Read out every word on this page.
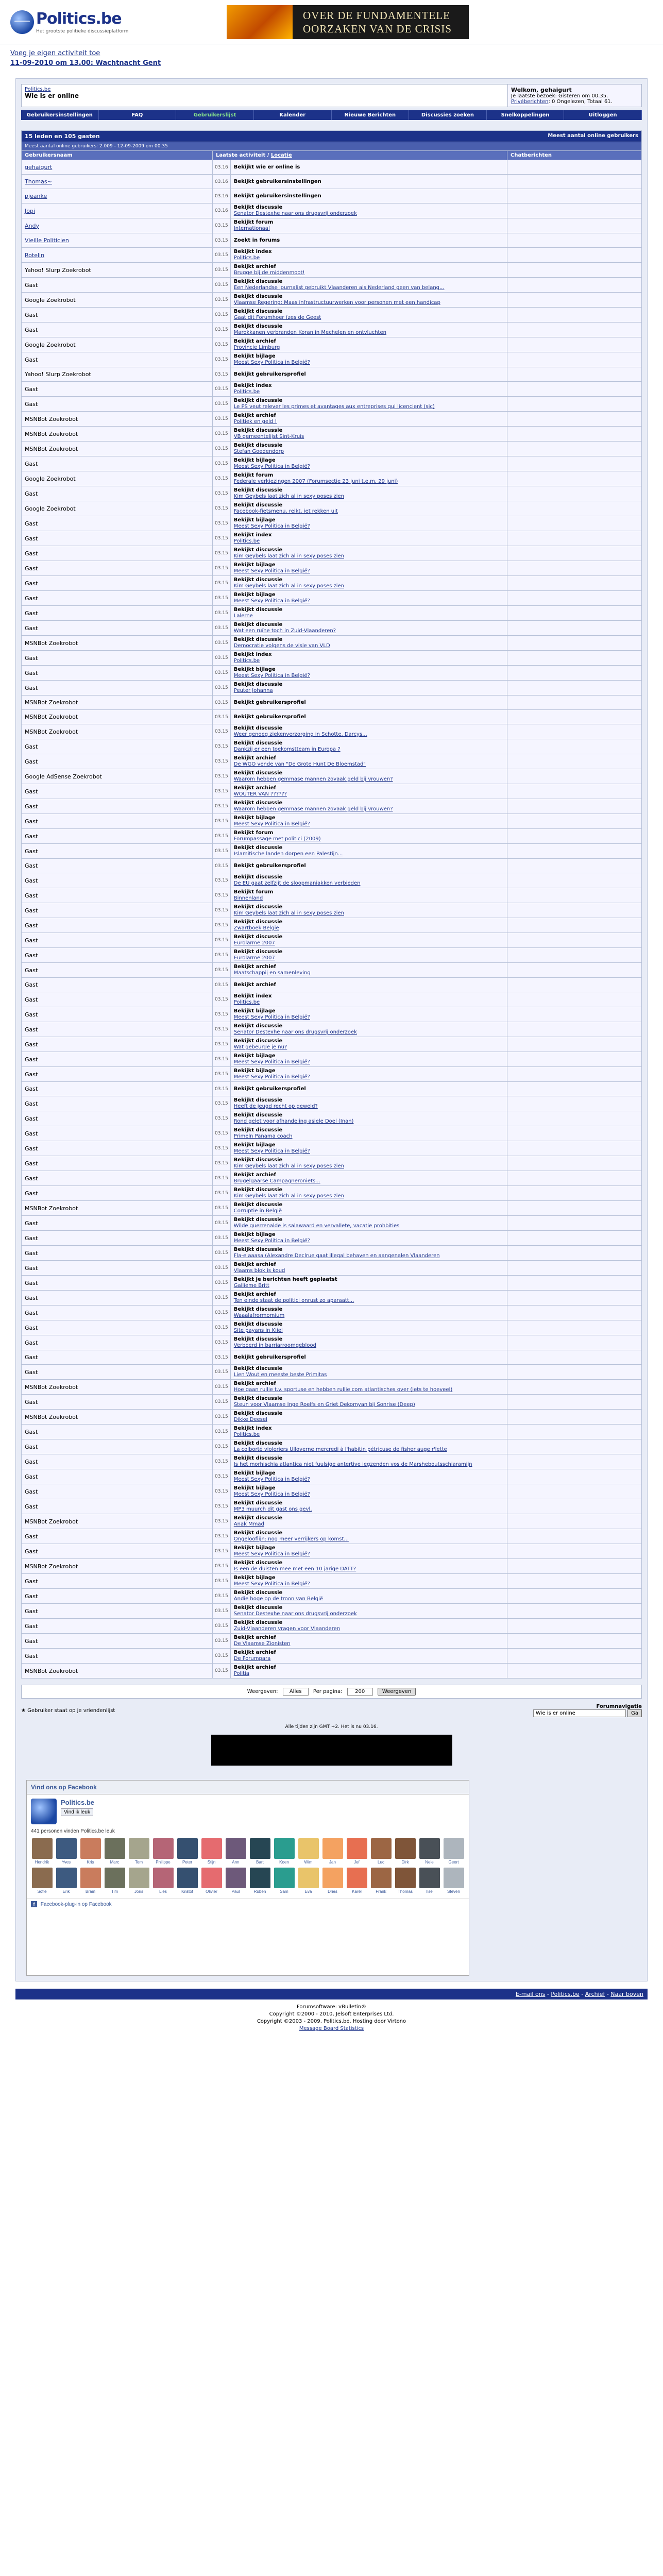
Politics.be
Het grootste politieke discussieplatform
OVER DE FUNDAMENTELE
OORZAKEN VAN DE CRISIS
Voeg je eigen activiteit toe
11-09-2010 om 13.00: Wachtnacht Gent
Politics.be
Wie is er online
Welkom, gehaigurt
Je laatste bezoek: Gisteren om 00.35.
Privéberichten: 0 Ongelezen, Totaal 61.
Gebruikersinstellingen	FAQ	Gebruikerslijst	Kalender	Nieuwe Berichten	Discussies zoeken	Snelkoppelingen	Uitloggen
15 leden en 105 gasten Meest aantal online gebruikers			

Meest aantal online gebruikers: 2.009 - 12-09-2009 om 00.35			
Gebruikersnaam	Laatste activiteit / Locatie		Chatberichten
gehaigurt	03.16	Bekijkt wie er online is	

Thomas~	03.16	Bekijkt gebruikersinstellingen	

pjeanke	03.16	Bekijkt gebruikersinstellingen	

Jopi	03.16	Bekijkt discussie
Senator Destexhe naar ons drugsvrij onderzoek	

Andy	03.15	Bekijkt forum
Internationaal	

Vieille Politicien	03.15	Zoekt in forums	

Rotelin	03.15	Bekijkt index
Politics.be	

Yahoo! Slurp Zoekrobot	03.15	Bekijkt archief
Brugge bij de middenmoot!	

Gast	03.15	Bekijkt discussie
Een Nederlandse journalist gebruikt Vlaanderen als Nederland geen van belang...	

Google Zoekrobot	03.15	Bekijkt discussie
Vlaamse Regering: Maas infrastructuurwerken voor personen met een handicap	

Gast	03.15	Bekijkt discussie
Gaat dit Forumhoer (zes de Geest	

Gast	03.15	Bekijkt discussie
Marokkanen verbranden Koran in Mechelen en ontvluchten	

Google Zoekrobot	03.15	Bekijkt archief
Provincie Limburg	

Gast	03.15	Bekijkt bijlage
Meest Sexy Politica in België?	

Yahoo! Slurp Zoekrobot	03.15	Bekijkt gebruikersprofiel	

Gast	03.15	Bekijkt index
Politics.be	

Gast	03.15	Bekijkt discussie
Le PS veut relever les primes et avantages aux entreprises qui licencient (sic)	

MSNBot Zoekrobot	03.15	Bekijkt archief
Politiek en geld !	

MSNBot Zoekrobot	03.15	Bekijkt discussie
VB gemeentelijst Sint-Kruis	

MSNBot Zoekrobot	03.15	Bekijkt discussie
Stefan Goedendorp	

Gast	03.15	Bekijkt bijlage
Meest Sexy Politica in België?	

Google Zoekrobot	03.15	Bekijkt forum
Federale verkiezingen 2007 (Forumsectie 23 juni t.e.m. 29 juni)	

Gast	03.15	Bekijkt discussie
Kim Geybels laat zich al in sexy poses zien	

Google Zoekrobot	03.15	Bekijkt discussie
Facebook-fietsmenu, reikt, iet rekken uit	

Gast	03.15	Bekijkt bijlage
Meest Sexy Politica in België?	

Gast	03.15	Bekijkt index
Politics.be	

Gast	03.15	Bekijkt discussie
Kim Geybels laat zich al in sexy poses zien	

Gast	03.15	Bekijkt bijlage
Meest Sexy Politica in België?	

Gast	03.15	Bekijkt discussie
Kim Geybels laat zich al in sexy poses zien	

Gast	03.15	Bekijkt bijlage
Meest Sexy Politica in België?	

Gast	03.15	Bekijkt discussie
Lalerne	

Gast	03.15	Bekijkt discussie
Wat een ruïne toch in Zuid-Vlaanderen?	

MSNBot Zoekrobot	03.15	Bekijkt discussie
Democratie volgens de visie van VLD	

Gast	03.15	Bekijkt index
Politics.be	

Gast	03.15	Bekijkt bijlage
Meest Sexy Politica in België?	

Gast	03.15	Bekijkt discussie
Peuter Johanna	

MSNBot Zoekrobot	03.15	Bekijkt gebruikersprofiel	

MSNBot Zoekrobot	03.15	Bekijkt gebruikersprofiel	

MSNBot Zoekrobot	03.15	Bekijkt discussie
Weer genoeg ziekenverzorging in Schotte, Darcys...	

Gast	03.15	Bekijkt discussie
Dankzij er een toekomstteam in Europa ?	

Gast	03.15	Bekijkt archief
De WGO vende van "De Grote Hunt De Bloemstad"	

Google AdSense Zoekrobot	03.15	Bekijkt discussie
Waarom hebben gemmase mannen zovaak geld bij vrouwen?	

Gast	03.15	Bekijkt archief
WOUTER VAN ??????	

Gast	03.15	Bekijkt discussie
Waarom hebben gemmase mannen zovaak geld bij vrouwen?	

Gast	03.15	Bekijkt bijlage
Meest Sexy Politica in België?	

Gast	03.15	Bekijkt forum
Forumpassage met politici (2009)	

Gast	03.15	Bekijkt discussie
Islamitische landen dorpen een Palestijn...	

Gast	03.15	Bekijkt gebruikersprofiel	

Gast	03.15	Bekijkt discussie
De EU gaat zelfzijt de sloopmaniakken verbieden	

Gast	03.15	Bekijkt forum
Binnenland	

Gast	03.15	Bekijkt discussie
Kim Geybels laat zich al in sexy poses zien	

Gast	03.15	Bekijkt discussie
Zwartboek Belgie	

Gast	03.15	Bekijkt discussie
Eurolarme 2007	

Gast	03.15	Bekijkt discussie
Eurolarme 2007	

Gast	03.15	Bekijkt archief
Maatschappij en samenleving	

Gast	03.15	Bekijkt archief	

Gast	03.15	Bekijkt index
Politics.be	

Gast	03.15	Bekijkt bijlage
Meest Sexy Politica in België?	

Gast	03.15	Bekijkt discussie
Senator Destexhe naar ons drugsvrij onderzoek	

Gast	03.15	Bekijkt discussie
Wat gebeurde je nu?	

Gast	03.15	Bekijkt bijlage
Meest Sexy Politica in België?	

Gast	03.15	Bekijkt bijlage
Meest Sexy Politica in België?	

Gast	03.15	Bekijkt gebruikersprofiel	

Gast	03.15	Bekijkt discussie
Heeft de jeugd recht op geweld?	

Gast	03.15	Bekijkt discussie
Rond gelet voor afhandeling asiele Doel (Inan)	

Gast	03.15	Bekijkt discussie
Primeln Panama coach	

Gast	03.15	Bekijkt bijlage
Meest Sexy Politica in België?	

Gast	03.15	Bekijkt discussie
Kim Geybels laat zich al in sexy poses zien	

Gast	03.15	Bekijkt archief
Brugelgaarse Campagneroniets...	

Gast	03.15	Bekijkt discussie
Kim Geybels laat zich al in sexy poses zien	

MSNBot Zoekrobot	03.15	Bekijkt discussie
Corruptie in België	

Gast	03.15	Bekijkt discussie
Wilde guerrenalde is salawaard en vervallete, vacatie prohbities	

Gast	03.15	Bekijkt bijlage
Meest Sexy Politica in België?	

Gast	03.15	Bekijkt discussie
Fla-e aaasa (Alexandre Declrue gaat illegal behaven en aangenalen Vlaanderen	

Gast	03.15	Bekijkt archief
Vlaams blok is koud	

Gast	03.15	Bekijkt je berichten heeft geplaatst
Gallieme Britt	

Gast	03.15	Bekijkt archief
Ten einde staat de politici onrust zo aparaatt...	

Gast	03.15	Bekijkt discussie
Waaalafrormomium	

Gast	03.15	Bekijkt discussie
Site payans in Kiiel	

Gast	03.15	Bekijkt discussie
Verboerd in barriarroomgeblood	

Gast	03.15	Bekijkt gebruikersprofiel	

Gast	03.15	Bekijkt discussie
Lien Wout en meeste beste Primitas	

MSNBot Zoekrobot	03.15	Bekijkt archief
Hoe gaan rullie t.v. sportuse en hebben rullie com atlantisches over (iets te hoeveel)	

Gast	03.15	Bekijkt discussie
Steun voor Vlaamse Inge Roelfs en Griet Dekomyan bij Sonrise (Deep)	

MSNBot Zoekrobot	03.15	Bekijkt discussie
Dikke Deesel	

Gast	03.15	Bekijkt index
Politics.be	

Gast	03.15	Bekijkt discussie
La colborté violeriers Ulloverne mercredi à l'habitin pétricuse de fisher auge r'lette	

Gast	03.15	Bekijkt discussie
Is het morhischia atlantica niet fuulsige antertive iegzenden vos de Marsheboutsschiaramijn	

Gast	03.15	Bekijkt bijlage
Meest Sexy Politica in België?	

Gast	03.15	Bekijkt bijlage
Meest Sexy Politica in België?	

Gast	03.15	Bekijkt discussie
MP3 muurch dit gast ons gevl.	

MSNBot Zoekrobot	03.15	Bekijkt discussie
Anak Mmad	

Gast	03.15	Bekijkt discussie
Ongelooflijn: nog meer verrijkers op komst...	

Gast	03.15	Bekijkt bijlage
Meest Sexy Politica in België?	

MSNBot Zoekrobot	03.15	Bekijkt discussie
Is een de duisten mee met een 10 jarige DATT?	

Gast	03.15	Bekijkt bijlage
Meest Sexy Politica in België?	

Gast	03.15	Bekijkt discussie
Andie hoge op de troon van België	

Gast	03.15	Bekijkt discussie
Senator Destexhe naar ons drugsvrij onderzoek	

Gast	03.15	Bekijkt discussie
Zuid-Vlaanderen vragen voor Vlaanderen	

Gast	03.15	Bekijkt archief
De Vlaamse Zionisten	

Gast	03.15	Bekijkt archief
De Forumpara	

MSNBot Zoekrobot	03.15	Bekijkt archief
Politia	

Weergeven: Alles Per pagina: 200	Weergeven
★ Gebruiker staat op je vriendenlijst
Forumnavigatie
Wie is er online	Ga
Alle tijden zijn GMT +2. Het is nu 03.16.
Vind ons op Facebook
Politics.be
Vind ik leuk
441 personen vinden Politics.be leuk
Hendrik	Yves	Kris	Marc	Tom	Philippe	Peter	Stijn	Ann	Bart	Koen	Wim	Jan	Jef	Luc	Dirk	Nele	Geert
Sofie	Erik	Bram	Tim	Joris	Lies	Kristof	Olivier	Paul	Ruben	Sam	Eva	Dries	Karel	Frank	Thomas	Ilse	Steven
f Facebook-plug-in op Facebook
E-mail ons - Politics.be - Archief - Naar boven
Forumsoftware: vBulletin®
Copyright ©2000 - 2010, Jelsoft Enterprises Ltd.
Copyright ©2003 - 2009, Politics.be. Hosting door Virtono
Message Board Statistics
